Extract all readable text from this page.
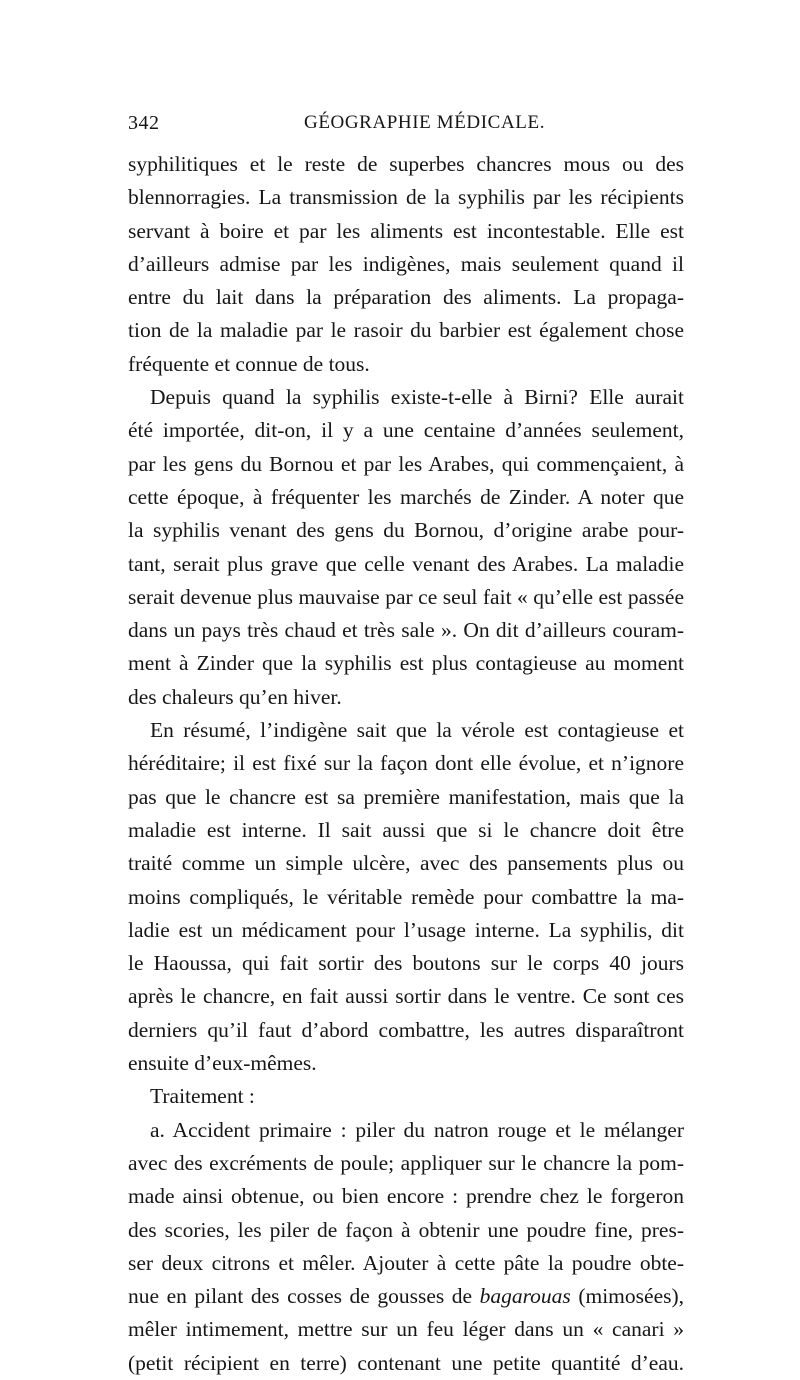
342	GÉOGRAPHIE MÉDICALE.
syphilitiques et le reste de superbes chancres mous ou des
blennorragies. La transmission de la syphilis par les récipients
servant à boire et par les aliments est incontestable. Elle est
d’ailleurs admise par les indigènes, mais seulement quand il
entre du lait dans la préparation des aliments. La propaga-
tion de la maladie par le rasoir du barbier est également chose
fréquente et connue de tous.
Depuis quand la syphilis existe-t-elle à Birni? Elle aurait
été importée, dit-on, il y a une centaine d’années seulement,
par les gens du Bornou et par les Arabes, qui commençaient, à
cette époque, à fréquenter les marchés de Zinder. A noter que
la syphilis venant des gens du Bornou, d’origine arabe pour-
tant, serait plus grave que celle venant des Arabes. La maladie
serait devenue plus mauvaise par ce seul fait « qu’elle est passée
dans un pays très chaud et très sale ». On dit d’ailleurs couram-
ment à Zinder que la syphilis est plus contagieuse au moment
des chaleurs qu’en hiver.
En résumé, l’indigène sait que la vérole est contagieuse et
héréditaire; il est fixé sur la façon dont elle évolue, et n’ignore
pas que le chancre est sa première manifestation, mais que la
maladie est interne. Il sait aussi que si le chancre doit être
traité comme un simple ulcère, avec des pansements plus ou
moins compliqués, le véritable remède pour combattre la ma-
ladie est un médicament pour l’usage interne. La syphilis, dit
le Haoussa, qui fait sortir des boutons sur le corps 40 jours
après le chancre, en fait aussi sortir dans le ventre. Ce sont ces
derniers qu’il faut d’abord combattre, les autres disparaîtront
ensuite d’eux-mêmes.
Traitement :
a. Accident primaire : piler du natron rouge et le mélanger
avec des excréments de poule; appliquer sur le chancre la pom-
made ainsi obtenue, ou bien encore : prendre chez le forgeron
des scories, les piler de façon à obtenir une poudre fine, pres-
ser deux citrons et mêler. Ajouter à cette pâte la poudre obte-
nue en pilant des cosses de gousses de bagarouas (mimosées),
mêler intimement, mettre sur un feu léger dans un « canari »
(petit récipient en terre) contenant une petite quantité d’eau.
